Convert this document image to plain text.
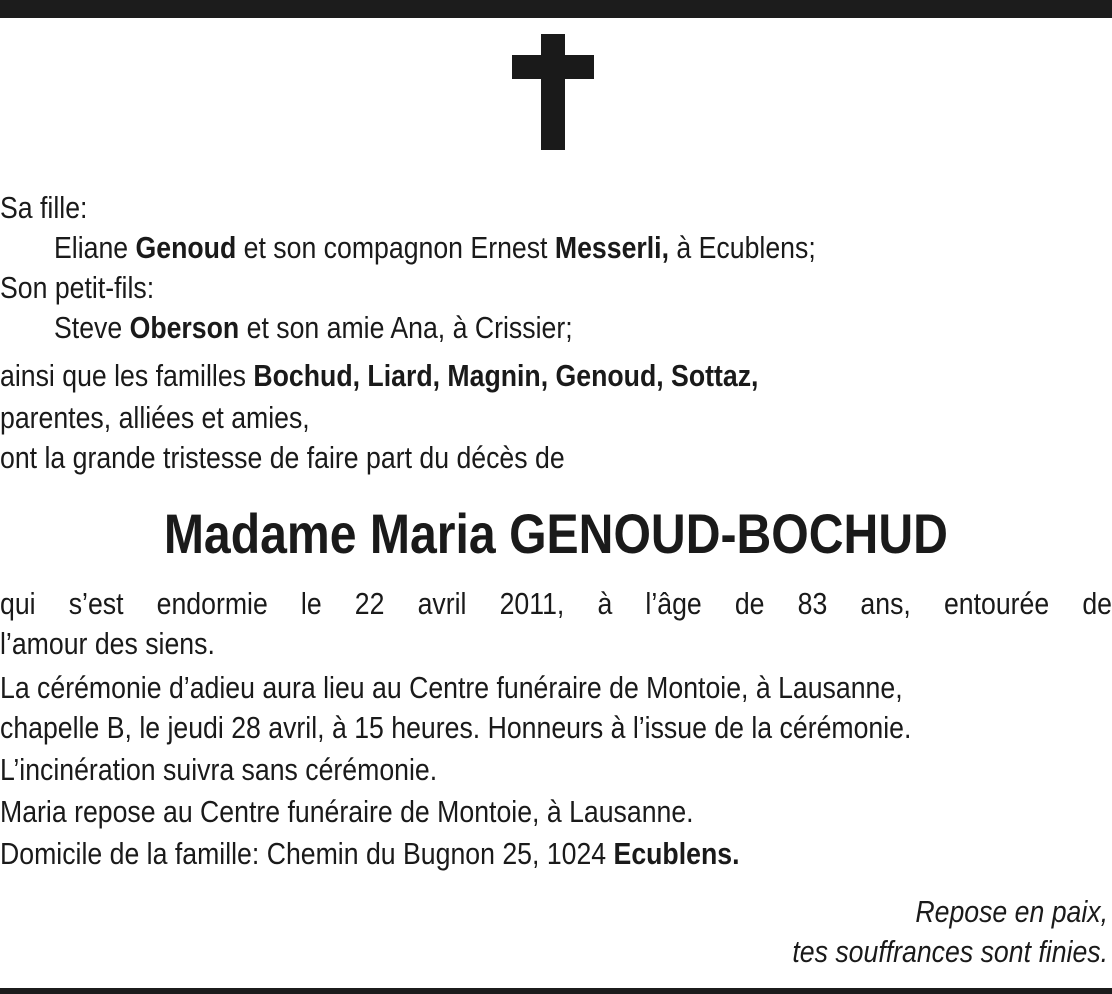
Sa fille:
Eliane Genoud et son compagnon Ernest Messerli, à Ecublens;
Son petit-fils:
Steve Oberson et son amie Ana, à Crissier;
ainsi que les familles Bochud, Liard, Magnin, Genoud, Sottaz,
parentes, alliées et amies,
ont la grande tristesse de faire part du décès de
Madame Maria GENOUD-BOCHUD
qui s’est endormie le 22 avril 2011, à l’âge de 83 ans, entourée de
l’amour des siens.
La cérémonie d’adieu aura lieu au Centre funéraire de Montoie, à Lausanne,
chapelle B, le jeudi 28 avril, à 15 heures. Honneurs à l’issue de la cérémonie.
L’incinération suivra sans cérémonie.
Maria repose au Centre funéraire de Montoie, à Lausanne.
Domicile de la famille: Chemin du Bugnon 25, 1024 Ecublens.
Repose en paix,
tes souffrances sont finies.
